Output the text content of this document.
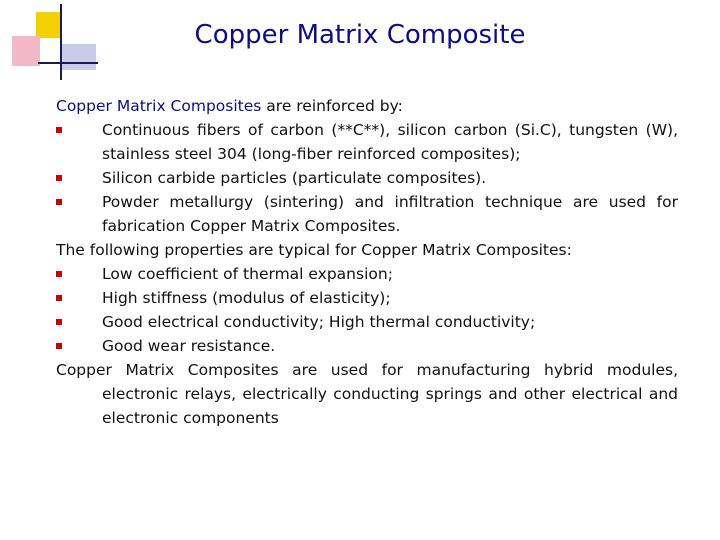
Copper Matrix Composite

Copper Matrix Composites are reinforced by:

Continuous fibers of carbon (**C**), silicon carbon (Si.C), tungsten (W), stainless steel 304 (long-fiber reinforced composites);

Silicon carbide particles (particulate composites).

Powder metallurgy (sintering) and infiltration technique are used for fabrication Copper Matrix Composites.

The following properties are typical for Copper Matrix Composites:

Low coefficient of thermal expansion;

High stiffness (modulus of elasticity);

Good electrical conductivity; High thermal conductivity;

Good wear resistance.

Copper Matrix Composites are used for manufacturing hybrid modules, electronic relays, electrically conducting springs and other electrical and electronic components
